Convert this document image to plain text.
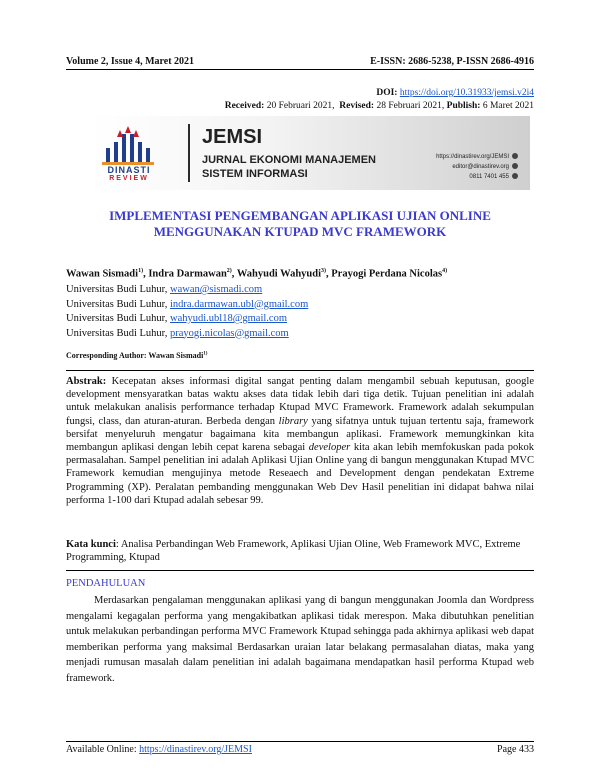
Volume 2, Issue 4, Maret 2021	E-ISSN: 2686-5238, P-ISSN 2686-4916
DOI: https://doi.org/10.31933/jemsi.v2i4
Received: 20 Februari 2021, Revised: 28 Februari 2021, Publish: 6 Maret 2021
DINASTI
REVIEW
JEMSI
JURNAL EKONOMI MANAJEMEN
SISTEM INFORMASI
https://dinastirev.org/JEMSI
editor@dinastirev.org
0811 7401 455
IMPLEMENTASI PENGEMBANGAN APLIKASI UJIAN ONLINE
MENGGUNAKAN KTUPAD MVC FRAMEWORK
Wawan Sismadi$^{1)}$, Indra Darmawan$^{2)}$, Wahyudi Wahyudi$^{3)}$, Prayogi Perdana Nicolas$^{4)}$
Universitas Budi Luhur, wawan@sismadi.com
Universitas Budi Luhur, indra.darmawan.ubl@gmail.com
Universitas Budi Luhur, wahyudi.ubl18@gmail.com
Universitas Budi Luhur, prayogi.nicolas@gmail.com
Corresponding Author: Wawan Sismadi$^{1)}$
Abstrak: Kecepatan akses informasi digital sangat penting dalam mengambil sebuah keputusan, google development mensyaratkan batas waktu akses data tidak lebih dari tiga detik. Tujuan penelitian ini adalah untuk melakukan analisis performance terhadap Ktupad MVC Framework. Framework adalah sekumpulan fungsi, class, dan aturan-aturan. Berbeda dengan library yang sifatnya untuk tujuan tertentu saja, framework bersifat menyeluruh mengatur bagaimana kita membangun aplikasi. Framework memungkinkan kita membangun aplikasi dengan lebih cepat karena sebagai developer kita akan lebih memfokuskan pada pokok permasalahan. Sampel penelitian ini adalah Aplikasi Ujian Online yang di bangun menggunakan Ktupad MVC Framework kemudian mengujinya metode Reseaech and Development dengan pendekatan Extreme Programming (XP). Peralatan pembanding menggunakan Web Dev Hasil penelitian ini didapat bahwa nilai performa 1-100 dari Ktupad adalah sebesar 99.
Kata kunci: Analisa Perbandingan Web Framework, Aplikasi Ujian Oline, Web Framework MVC, Extreme Programming, Ktupad
PENDAHULUAN
Merdasarkan pengalaman menggunakan aplikasi yang di bangun menggunakan Joomla dan Wordpress mengalami kegagalan performa yang mengakibatkan aplikasi tidak merespon. Maka dibutuhkan penelitian untuk melakukan perbandingan performa MVC Framework Ktupad sehingga pada akhirnya aplikasi web dapat memberikan performa yang maksimal Berdasarkan uraian latar belakang permasalahan diatas, maka yang menjadi rumusan masalah dalam penelitian ini adalah bagaimana mendapatkan hasil performa Ktupad web framework.
Available Online: https://dinastirev.org/JEMSI	Page 433
